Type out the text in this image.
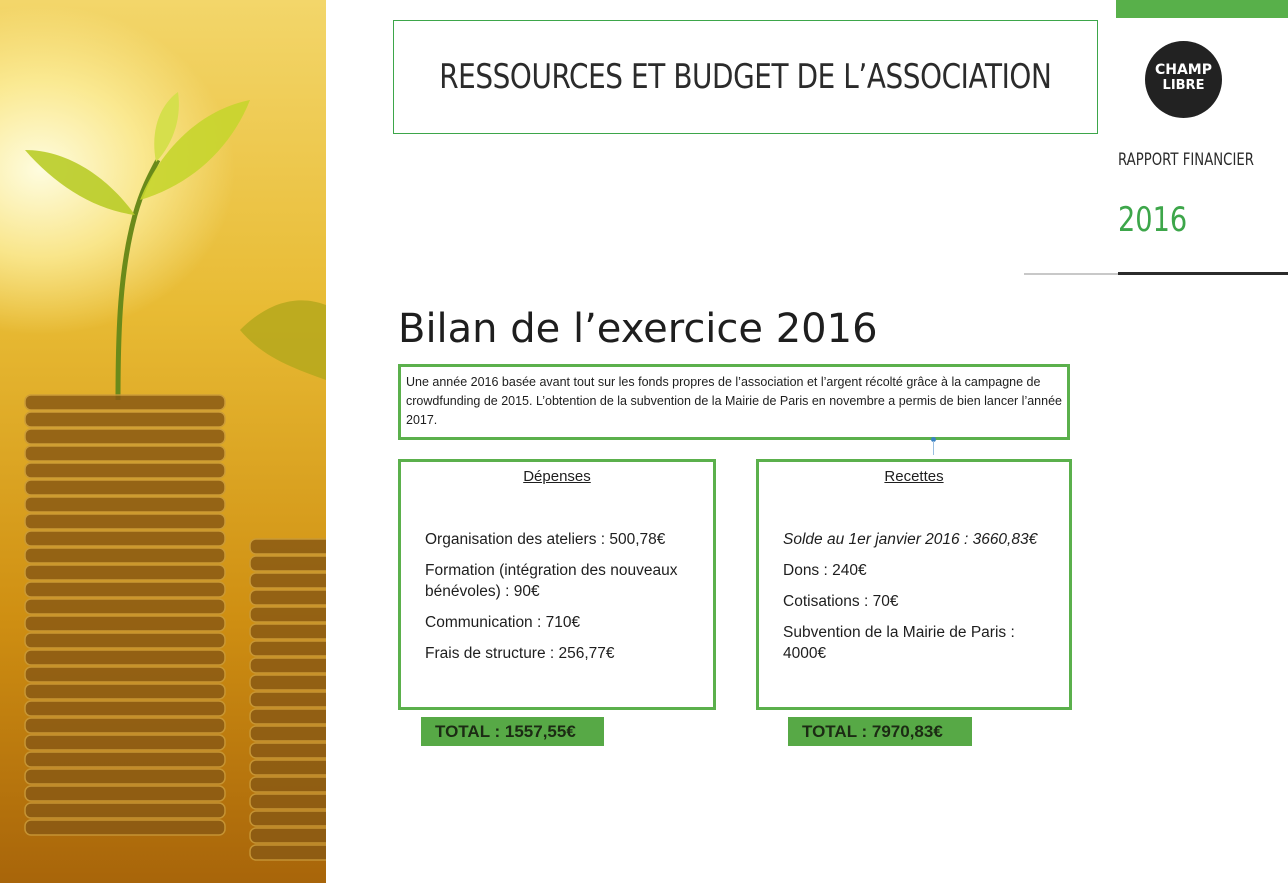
RESSOURCES ET BUDGET DE L’ASSOCIATION	CHAMP
LIBRE
RAPPORT FINANCIER
2016
Bilan de l’exercice 2016
Une année 2016 basée avant tout sur les fonds propres de l’association et l’argent récolté grâce à la campagne de crowdfunding de 2015. L’obtention de la subvention de la Mairie de Paris en novembre a permis de bien lancer l’année 2017.
Dépenses
Organisation des ateliers : 500,78€
Formation (intégration des nouveaux bénévoles) : 90€
Communication : 710€
Frais de structure : 256,77€
Recettes
Solde au 1er janvier 2016 : 3660,83€
Dons : 240€
Cotisations : 70€
Subvention de la Mairie de Paris : 4000€
TOTAL : 1557,55€	TOTAL : 7970,83€
